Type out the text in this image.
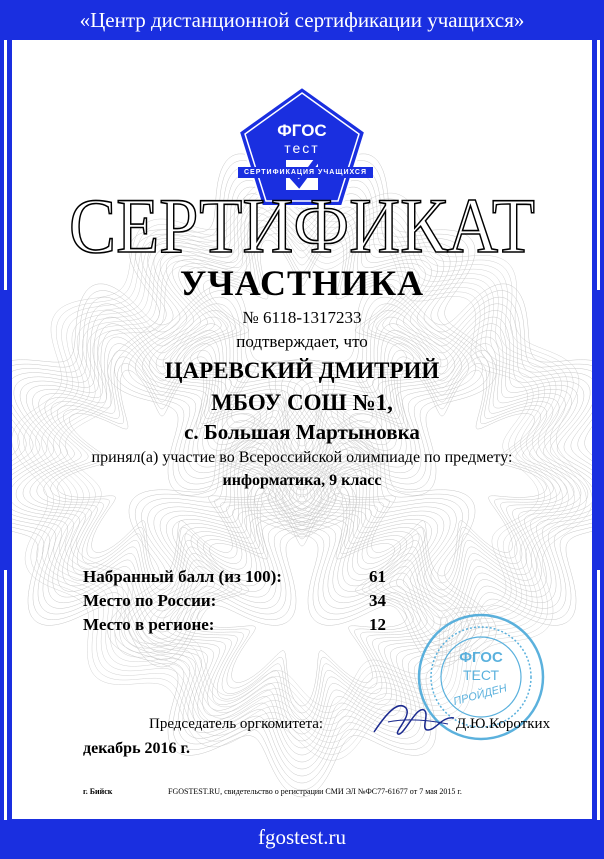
«Центр дистанционной сертификации учащихся»
ФГОС
тест
СЕРТИФИКАЦИЯ УЧАЩИХСЯ
СЕРТИФИКАТ
УЧАСТНИКА
№ 6118-1317233
подтверждает, что
ЦАРЕВСКИЙ ДМИТРИЙ
МБОУ СОШ №1,
с. Большая Мартыновка
принял(а) участие во Всероссийской олимпиаде по предмету:
информатика, 9 класс
Набранный балл (из 100):	61
Место по России:	34
Место в регионе:	12
ФГОС
ТЕСТ
ПРОЙДЕН
Председатель оргкомитета:	Д.Ю.Коротких
декабрь 2016 г.
г. Бийск	FGOSTEST.RU, свидетельство о регистрации СМИ ЭЛ №ФС77-61677 от 7 мая 2015 г.
fgostest.ru
